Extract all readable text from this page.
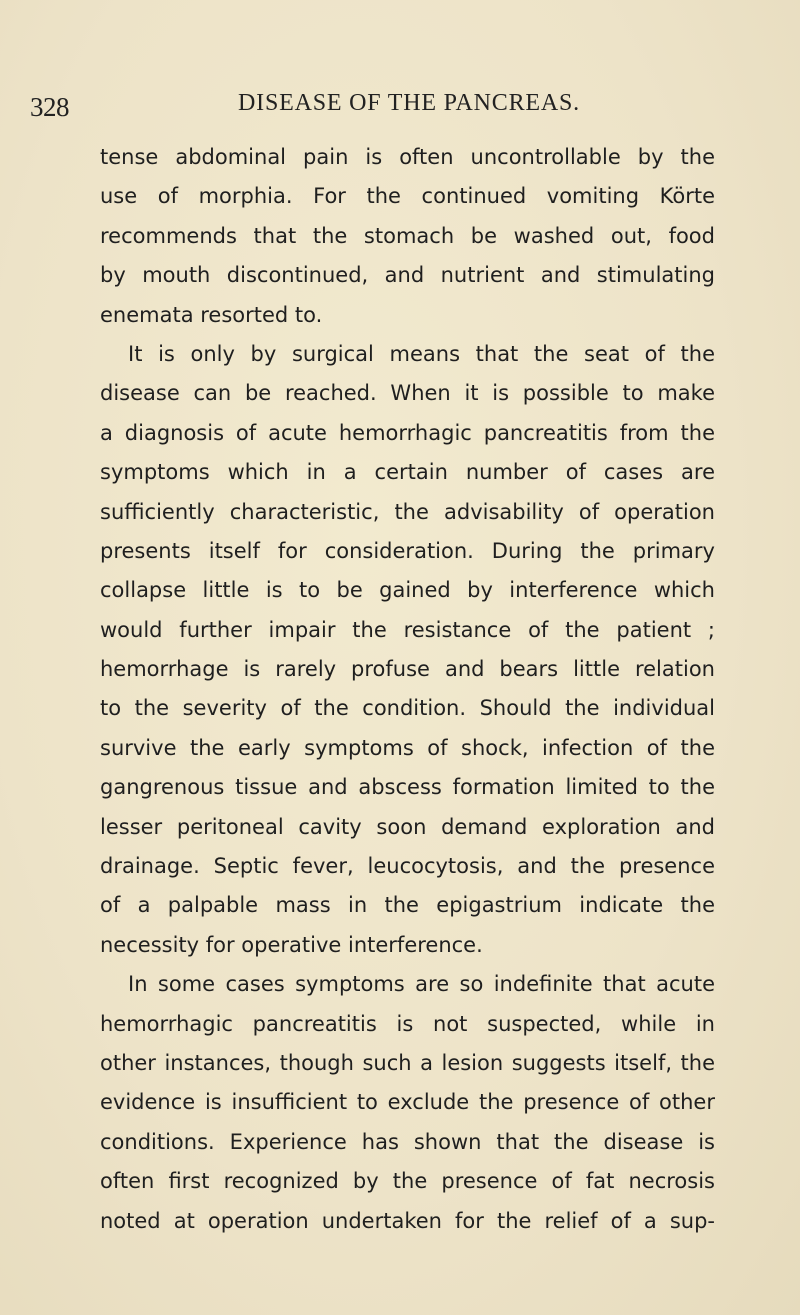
328	DISEASE OF THE PANCREAS.
tense abdominal pain is often uncontrollable by the
use of morphia. For the continued vomiting Körte
recommends that the stomach be washed out, food
by mouth discontinued, and nutrient and stimulating
enemata resorted to.
It is only by surgical means that the seat of the
disease can be reached. When it is possible to make
a diagnosis of acute hemorrhagic pancreatitis from the
symptoms which in a certain number of cases are
sufficiently characteristic, the advisability of operation
presents itself for consideration. During the primary
collapse little is to be gained by interference which
would further impair the resistance of the patient ;
hemorrhage is rarely profuse and bears little relation
to the severity of the condition. Should the individual
survive the early symptoms of shock, infection of the
gangrenous tissue and abscess formation limited to the
lesser peritoneal cavity soon demand exploration and
drainage. Septic fever, leucocytosis, and the presence
of a palpable mass in the epigastrium indicate the
necessity for operative interference.
In some cases symptoms are so indefinite that acute
hemorrhagic pancreatitis is not suspected, while in
other instances, though such a lesion suggests itself, the
evidence is insufficient to exclude the presence of other
conditions. Experience has shown that the disease is
often first recognized by the presence of fat necrosis
noted at operation undertaken for the relief of a sup-
